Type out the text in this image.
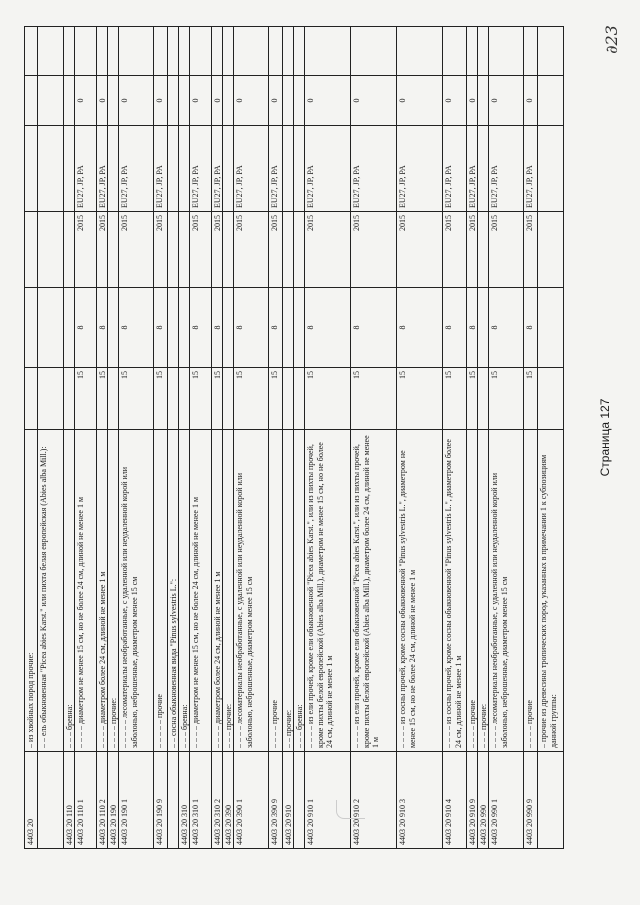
4403 20
– из хвойных пород прочие: – – ель обыкновенная "Picea abies Karst." или пихта белая европейская (Abies alba Mill.):
4403 20 110
– – – бревна:
4403 20 110 1
– – – – диаметром не менее 15 см, но не более 24 см, длиной не менее 1 м
15
8
2015
EU27, JP, PA
0
4403 20 110 2
– – – – диаметром более 24 см, длиной не менее 1 м
15
8
2015
EU27, JP, PA
0
4403 20 190
– – – – прочие:
4403 20 190 1
– – – – – лесоматериалы необработанные, с удаленной или неудаленной корой или заболонью, неброшенные, диаметром менее 15 см
15
8
2015
EU27, JP, PA
0
4403 20 190 9
– – – – – прочие
15
8
2015
EU27, JP, PA
0
– – сосна обыкновенная вида "Pinus sylvestris L.":
4403 20 310
– – – бревна:
4403 20 310 1
– – – – диаметром не менее 15 см, но не более 24 см, длиной не менее 1 м
15
8
2015
EU27, JP, PA
0
4403 20 310 2
– – – – диаметром более 24 см, длиной не менее 1 м
15
8
2015
EU27, JP, PA
0
4403 20 390
– – – прочие:
4403 20 390 1
– – – – лесоматериалы необработанные, с удаленной или неудаленной корой или заболонью, неброшенные, диаметром менее 15 см
15
8
2015
EU27, JP, PA
0
4403 20 390 9
– – – – прочие
15
8
2015
EU27, JP, PA
0
4403 20 910
– – прочие: – – – бревна:
4403 20 910 1
– – – – из ели прочей, кроме ели обыкновенной "Picea abies Karst.", или из пихты прочей, кроме пихты белой европейской (Abies alba Mill.), диаметром не менее 15 см, но не более 24 см, длиной не менее 1 м
15
8
2015
EU27, JP, PA
0
4403 20 910 2
– – – – из ели прочей, кроме ели обыкновенной "Picea abies Karst.", или из пихты прочей, кроме пихты белой европейской (Abies alba Mill.), диаметром более 24 см, длиной не менее 1 м
15
8
2015
EU27, JP, PA
0
4403 20 910 3
– – – – из сосны прочей, кроме сосны обыкновенной "Pinus sylvestris L.", диаметром не менее 15 см, но не более 24 см, длиной не менее 1 м
15
8
2015
EU27, JP, PA
0
4403 20 910 4
– – – – из сосны прочей, кроме сосны обыкновенной "Pinus sylvestris L.", диаметром более 24 см, длиной не менее 1 м
15
8
2015
EU27, JP, PA
0
4403 20 910 9
– – – – прочие
15
8
2015
EU27, JP, PA
0
4403 20 990
– – – прочие:
4403 20 990 1
– – – – лесоматериалы необработанные, с удаленной или неудаленной корой или заболонью, неброшенные, диаметром менее 15 см
15
8
2015
EU27, JP, PA
0
4403 20 990 9
– – – – прочие
15
8
2015
EU27, JP, PA
0
– прочие из древесины тропических пород, указанных в примечании 1 к субпозициям данной группы:
Страница 127
∂23
